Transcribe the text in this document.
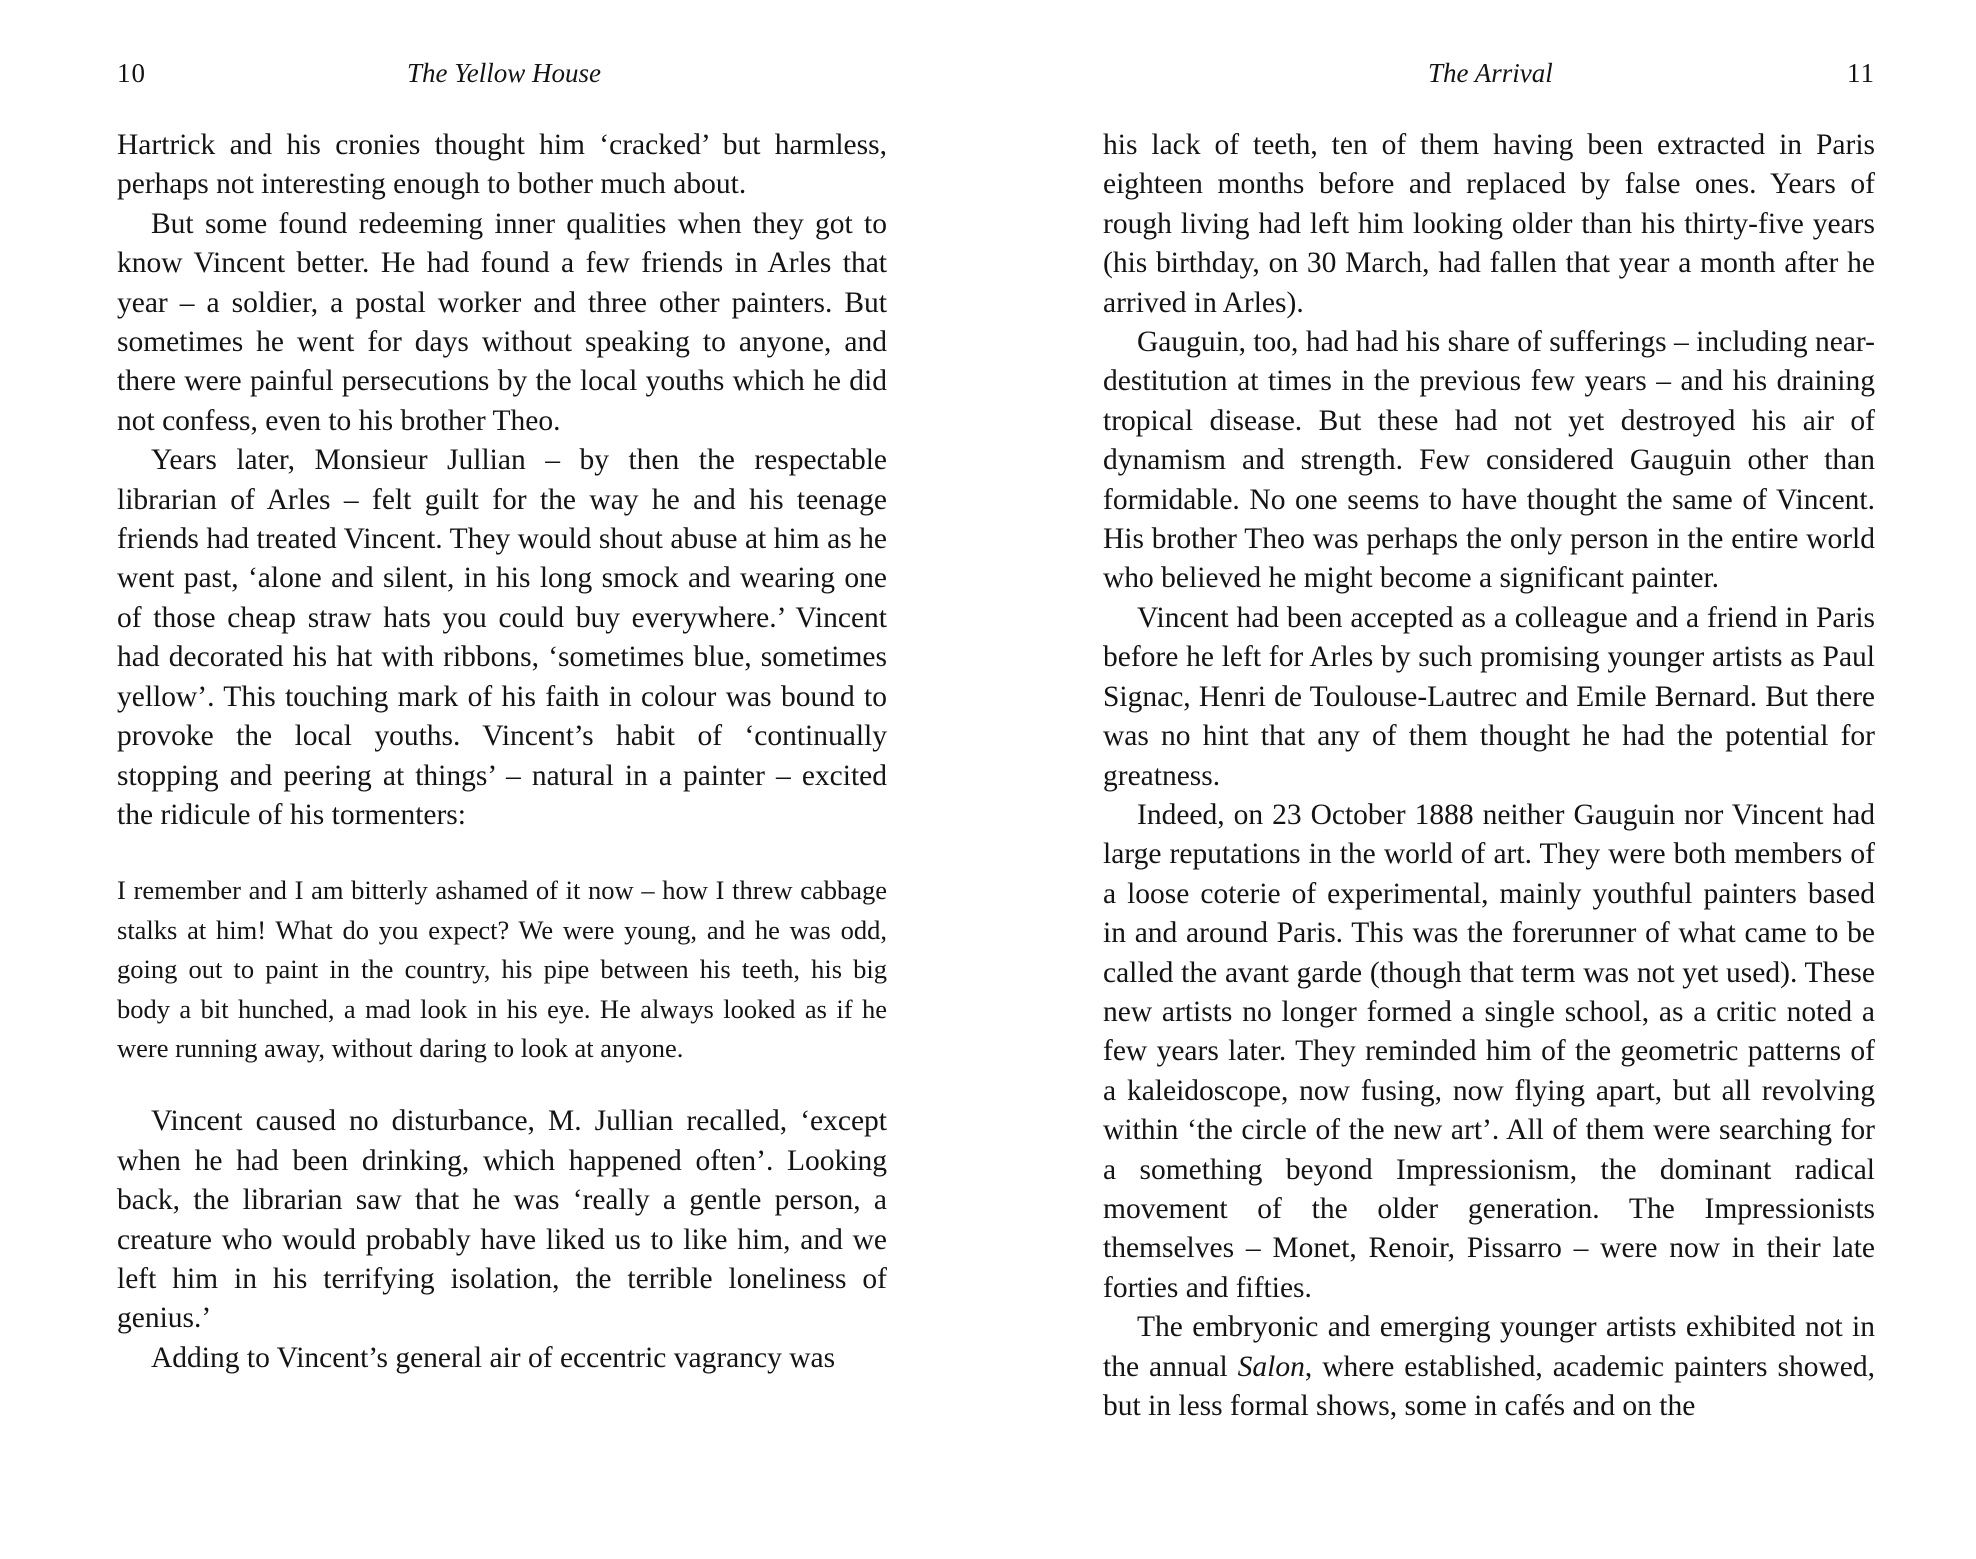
10	The Yellow House

Hartrick and his cronies thought him ‘cracked’ but harmless, perhaps not interesting enough to bother much about.

But some found redeeming inner qualities when they got to know Vincent better. He had found a few friends in Arles that year – a soldier, a postal worker and three other painters. But sometimes he went for days without speaking to anyone, and there were painful persecutions by the local youths which he did not confess, even to his brother Theo.

Years later, Monsieur Jullian – by then the respectable librarian of Arles – felt guilt for the way he and his teenage friends had treated Vincent. They would shout abuse at him as he went past, ‘alone and silent, in his long smock and wearing one of those cheap straw hats you could buy everywhere.’ Vincent had decorated his hat with ribbons, ‘sometimes blue, sometimes yellow’. This touching mark of his faith in colour was bound to provoke the local youths. Vincent’s habit of ‘continually stopping and peering at things’ – natural in a painter – excited the ridicule of his tormenters:

I remember and I am bitterly ashamed of it now – how I threw cabbage stalks at him! What do you expect? We were young, and he was odd, going out to paint in the country, his pipe between his teeth, his big body a bit hunched, a mad look in his eye. He always looked as if he were running away, without daring to look at anyone.

Vincent caused no disturbance, M. Jullian recalled, ‘except when he had been drinking, which happened often’. Looking back, the librarian saw that he was ‘really a gentle person, a creature who would probably have liked us to like him, and we left him in his terrifying isolation, the terrible loneliness of genius.’

Adding to Vincent’s general air of eccentric vagrancy was

The Arrival	11

his lack of teeth, ten of them having been extracted in Paris eighteen months before and replaced by false ones. Years of rough living had left him looking older than his thirty-five years (his birthday, on 30 March, had fallen that year a month after he arrived in Arles).

Gauguin, too, had had his share of sufferings – including near-destitution at times in the previous few years – and his draining tropical disease. But these had not yet destroyed his air of dynamism and strength. Few considered Gauguin other than formidable. No one seems to have thought the same of Vincent. His brother Theo was perhaps the only person in the entire world who believed he might become a significant painter.

Vincent had been accepted as a colleague and a friend in Paris before he left for Arles by such promising younger artists as Paul Signac, Henri de Toulouse-Lautrec and Emile Bernard. But there was no hint that any of them thought he had the potential for greatness.

Indeed, on 23 October 1888 neither Gauguin nor Vincent had large reputations in the world of art. They were both members of a loose coterie of experimental, mainly youthful painters based in and around Paris. This was the forerunner of what came to be called the avant garde (though that term was not yet used). These new artists no longer formed a single school, as a critic noted a few years later. They reminded him of the geometric patterns of a kaleidoscope, now fusing, now flying apart, but all revolving within ‘the circle of the new art’. All of them were searching for a something beyond Impressionism, the dominant radical movement of the older generation. The Impressionists themselves – Monet, Renoir, Pissarro – were now in their late forties and fifties.

The embryonic and emerging younger artists exhibited not in the annual Salon, where established, academic painters showed, but in less formal shows, some in cafés and on the
